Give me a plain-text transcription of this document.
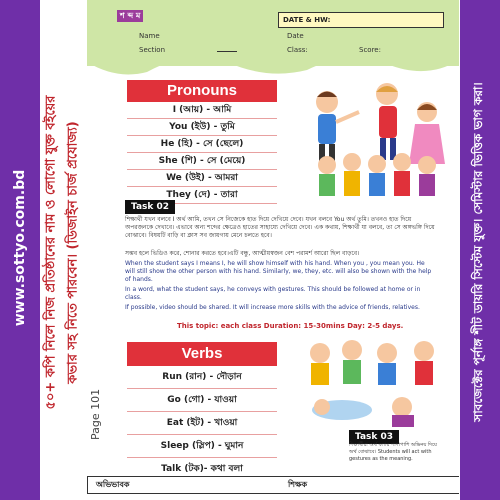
www.sottyo.com.bd ৫০+ কপি নিলে নিজ প্রতিষ্ঠানের নাম ও লোগো যুক্ত বইয়ের কভার সহ নিতে পারবেন। (ডিজাইন চার্জ প্রযোজ্য)
শ ব্দ ম	DATE & HW:
Name	Date
Section	Class:	Score:
Pronouns
I (আয়) - আমি
You (ইউ) - তুমি
He (হি) - সে (ছেলে)
She (শি) - সে (মেয়ে)
We (উই) - আমরা
They (দে) - তারা
Task 02
শিক্ষার্থী যখন বলবে I অর্থ আমি, তখন সে নিজেকে হাত দিয়ে দেখিয়ে দেবে। যখন বলবে You অর্থ তুমি। তখনও হাত দিয়ে অপরজনকে দেখাবে। এভাবে অন্য শব্দের ক্ষেত্রেও হাতের সাহায্যে দেখিয়ে দেবে। এক কথায়, শিক্ষার্থী যা বলবে, তা সে অঙ্গভঙ্গি দিয়ে বোঝাবে। বিষয়টি বাড়ি বা ক্লাস সব জায়গায় মেনে চলতে হবে।
সম্ভব হলে ভিডিও করে, শোনার করতে হবে।এটি বন্ধু, আত্মীয়স্বজন বেশ পরামর্শ আরো ছিল বাড়বে।
When the student says I means I, he will show himself with his hand. When you , you mean you. He will still show the other person with his hand. Similarly, we, they, etc. will also be shown with the help of hands.
In a word, what the student says, he conveys with gestures. This should be followed at home or in class.
If possible, video should be shared. It will increase more skills with the advice of friends, relatives.
This topic: each class Duration: 15-30mins Day: 2-5 days.
Verbs
Run (রান) - দৌড়ান
Go (গো) - যাওয়া
Eat (ইট) - খাওয়া
Sleep (স্লিপ) - ঘুমান
Talk (টক)- কথা বলা
Task 03
শিক্ষার্থীরা অর্থ বলার পাশাপাশি অভিনয় দিয়ে অর্থ বোঝাবে। Students will act with gestures as the meaning.
Page 101
অভিভাবক	শিক্ষক
সাবজেক্টের পূর্নাঙ্গ শীট ডায়রি সিস্টেম যুক্ত। সেমিস্টার ভিত্তিক ভাগ করা।
